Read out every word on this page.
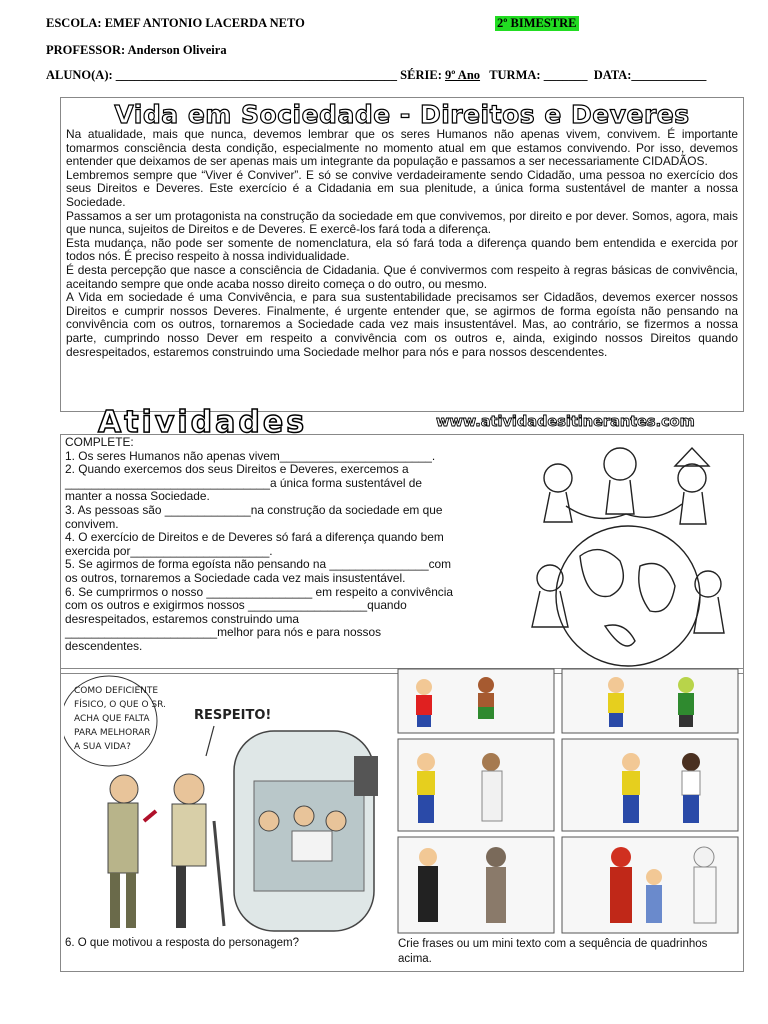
ESCOLA: EMEF ANTONIO LACERDA NETO	2º BIMESTRE
PROFESSOR: Anderson Oliveira
ALUNO(A): _____________________________________________ SÉRIE: 9º Ano TURMA: _______ DATA:____________
Vida em Sociedade - Direitos e Deveres

Na atualidade, mais que nunca, devemos lembrar que os seres Humanos não apenas vivem, convivem. É importante tomarmos consciência desta condição, especialmente no momento atual em que estamos convivendo. Por isso, devemos entender que deixamos de ser apenas mais um integrante da população e passamos a ser necessariamente CIDADÃOS.

Lembremos sempre que “Viver é Conviver”. E só se convive verdadeiramente sendo Cidadão, uma pessoa no exercício dos seus Direitos e Deveres. Este exercício é a Cidadania em sua plenitude, a única forma sustentável de manter a nossa Sociedade.

Passamos a ser um protagonista na construção da sociedade em que convivemos, por direito e por dever. Somos, agora, mais que nunca, sujeitos de Direitos e de Deveres. E exercê-los fará toda a diferença.

Esta mudança, não pode ser somente de nomenclatura, ela só fará toda a diferença quando bem entendida e exercida por todos nós. É preciso respeito à nossa individualidade.

É desta percepção que nasce a consciência de Cidadania. Que é convivermos com respeito à regras básicas de convivência, aceitando sempre que onde acaba nosso direito começa o do outro, ou mesmo.

A Vida em sociedade é uma Convivência, e para sua sustentabilidade precisamos ser Cidadãos, devemos exercer nossos Direitos e cumprir nossos Deveres. Finalmente, é urgente entender que, se agirmos de forma egoísta não pensando na convivência com os outros, tornaremos a Sociedade cada vez mais insustentável. Mas, ao contrário, se fizermos a nossa parte, cumprindo nosso Dever em respeito a convivência com os outros e, ainda, exigindo nossos Direitos quando desrespeitados, estaremos construindo uma Sociedade melhor para nós e para nossos descendentes.

Atividades	www.atividadesitinerantes.com
COMPLETE:
1. Os seres Humanos não apenas vivem_______________________.
2. Quando exercemos dos seus Direitos e Deveres, exercemos a
_______________________________a única forma sustentável de
manter a nossa Sociedade.
3. As pessoas são _____________na construção da sociedade em que
convivem.
4. O exercício de Direitos e de Deveres só fará a diferença quando bem
exercida por_____________________.
5. Se agirmos de forma egoísta não pensando na _______________com
os outros, tornaremos a Sociedade cada vez mais insustentável.
6. Se cumprirmos o nosso ________________ em respeito a convivência
com os outros e exigirmos nossos __________________quando
desrespeitados, estaremos construindo uma
_______________________melhor para nós e para nossos
descendentes.
COMO DEFICIENTE
FÍSICO, O QUE O SR.
ACHA QUE FALTA
PARA MELHORAR
A SUA VIDA?
RESPEITO!
6. O que motivou a resposta do personagem?	Crie frases ou um mini texto com a sequência de quadrinhos acima.
